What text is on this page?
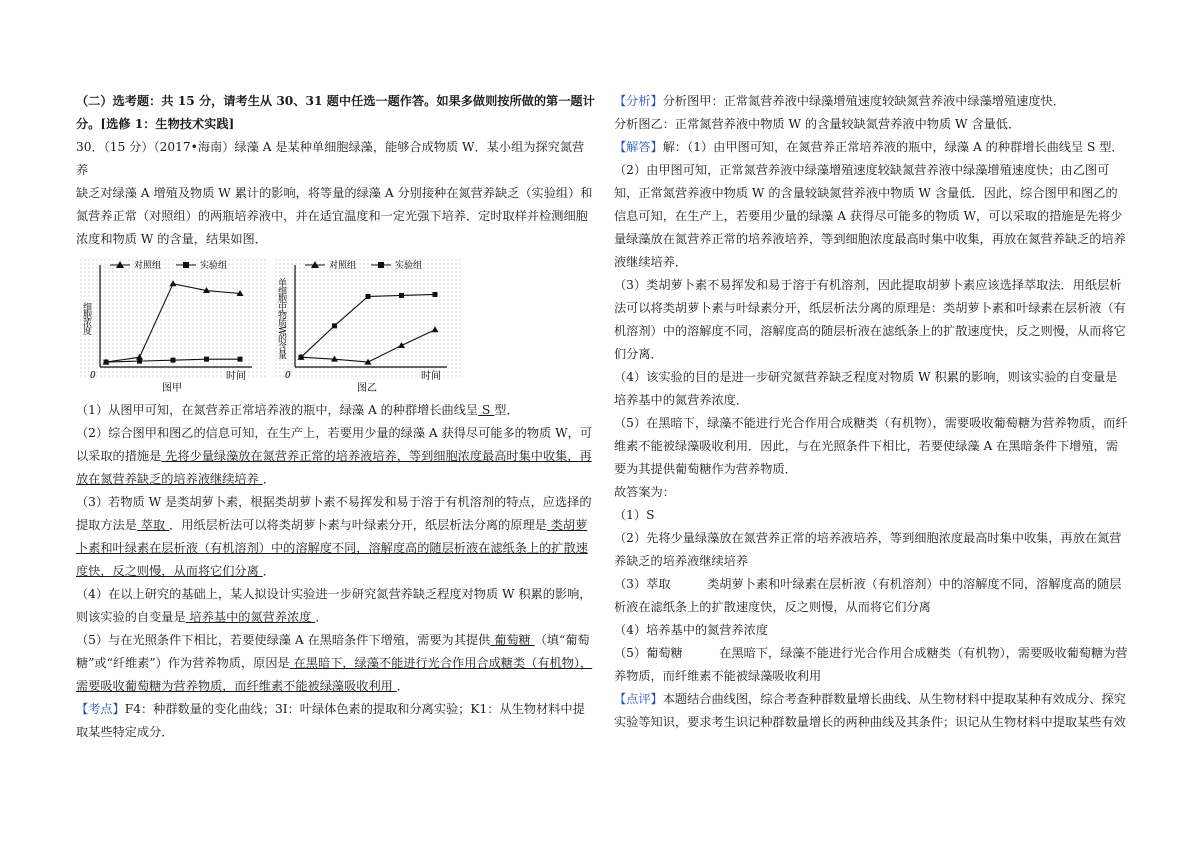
（二）选考题：共 15 分，请考生从 30、31 题中任选一题作答。如果多做则按所做的第一题计分。[选修 1：生物技术实践]

30．（15 分）（2017•海南）绿藻 A 是某种单细胞绿藻，能够合成物质 W．某小组为探究氮营养

缺乏对绿藻 A 增殖及物质 W 累计的影响，将等量的绿藻 A 分别接种在氮营养缺乏（实验组）和

氮营养正常（对照组）的两瓶培养液中，并在适宜温度和一定光强下培养．定时取样并检测细胞

浓度和物质 W 的含量，结果如图．

0	时间
细胞浓度
图甲
对照组	实验组
0	时间
单细胞中物质W的含量
图乙
对照组	实验组

（1）从图甲可知，在氮营养正常培养液的瓶中，绿藻 A 的种群增长曲线呈 S 型．

（2）综合图甲和图乙的信息可知，在生产上，若要用少量的绿藻 A 获得尽可能多的物质 W，可以采取的措施是 先将少量绿藻放在氮营养正常的培养液培养，等到细胞浓度最高时集中收集，再放在氮营养缺乏的培养液继续培养 ．

（3）若物质 W 是类胡萝卜素，根据类胡萝卜素不易挥发和易于溶于有机溶剂的特点，应选择的提取方法是 萃取 ．用纸层析法可以将类胡萝卜素与叶绿素分开，纸层析法分离的原理是 类胡萝卜素和叶绿素在层析液（有机溶剂）中的溶解度不同，溶解度高的随层析液在滤纸条上的扩散速度快，反之则慢，从而将它们分离 ．

（4）在以上研究的基础上，某人拟设计实验进一步研究氮营养缺乏程度对物质 W 积累的影响，则该实验的自变量是 培养基中的氮营养浓度 ．

（5）与在光照条件下相比，若要使绿藻 A 在黑暗条件下增殖，需要为其提供 葡萄糖 （填“葡萄糖”或“纤维素”）作为营养物质，原因是 在黑暗下，绿藻不能进行光合作用合成糖类（有机物），需要吸收葡萄糖为营养物质，而纤维素不能被绿藻吸收利用 ．

【考点】F4：种群数量的变化曲线；3I：叶绿体色素的提取和分离实验；K1：从生物材料中提取某些特定成分．

【分析】分析图甲：正常氮营养液中绿藻增殖速度较缺氮营养液中绿藻增殖速度快．

分析图乙：正常氮营养液中物质 W 的含量较缺氮营养液中物质 W 含量低．

【解答】解：（1）由甲图可知，在氮营养正常培养液的瓶中，绿藻 A 的种群增长曲线呈 S 型．

（2）由甲图可知，正常氮营养液中绿藻增殖速度较缺氮营养液中绿藻增殖速度快；由乙图可知，正常氮营养液中物质 W 的含量较缺氮营养液中物质 W 含量低．因此，综合图甲和图乙的信息可知，在生产上，若要用少量的绿藻 A 获得尽可能多的物质 W，可以采取的措施是先将少量绿藻放在氮营养正常的培养液培养，等到细胞浓度最高时集中收集，再放在氮营养缺乏的培养液继续培养．

（3）类胡萝卜素不易挥发和易于溶于有机溶剂，因此提取胡萝卜素应该选择萃取法．用纸层析法可以将类胡萝卜素与叶绿素分开，纸层析法分离的原理是：类胡萝卜素和叶绿素在层析液（有机溶剂）中的溶解度不同，溶解度高的随层析液在滤纸条上的扩散速度快，反之则慢，从而将它们分离．

（4）该实验的目的是进一步研究氮营养缺乏程度对物质 W 积累的影响，则该实验的自变量是培养基中的氮营养浓度．

（5）在黑暗下，绿藻不能进行光合作用合成糖类（有机物），需要吸收葡萄糖为营养物质，而纤维素不能被绿藻吸收利用．因此，与在光照条件下相比，若要使绿藻 A 在黑暗条件下增殖，需要为其提供葡萄糖作为营养物质．

故答案为：

（1）S

（2）先将少量绿藻放在氮营养正常的培养液培养，等到细胞浓度最高时集中收集，再放在氮营养缺乏的培养液继续培养

（3）萃取　　　类胡萝卜素和叶绿素在层析液（有机溶剂）中的溶解度不同，溶解度高的随层析液在滤纸条上的扩散速度快，反之则慢，从而将它们分离

（4）培养基中的氮营养浓度

（5）葡萄糖　　　在黑暗下，绿藻不能进行光合作用合成糖类（有机物），需要吸收葡萄糖为营养物质，而纤维素不能被绿藻吸收利用

【点评】本题结合曲线图，综合考查种群数量增长曲线、从生物材料中提取某种有效成分、探究实验等知识，要求考生识记种群数量增长的两种曲线及其条件；识记从生物材料中提取某些有效
